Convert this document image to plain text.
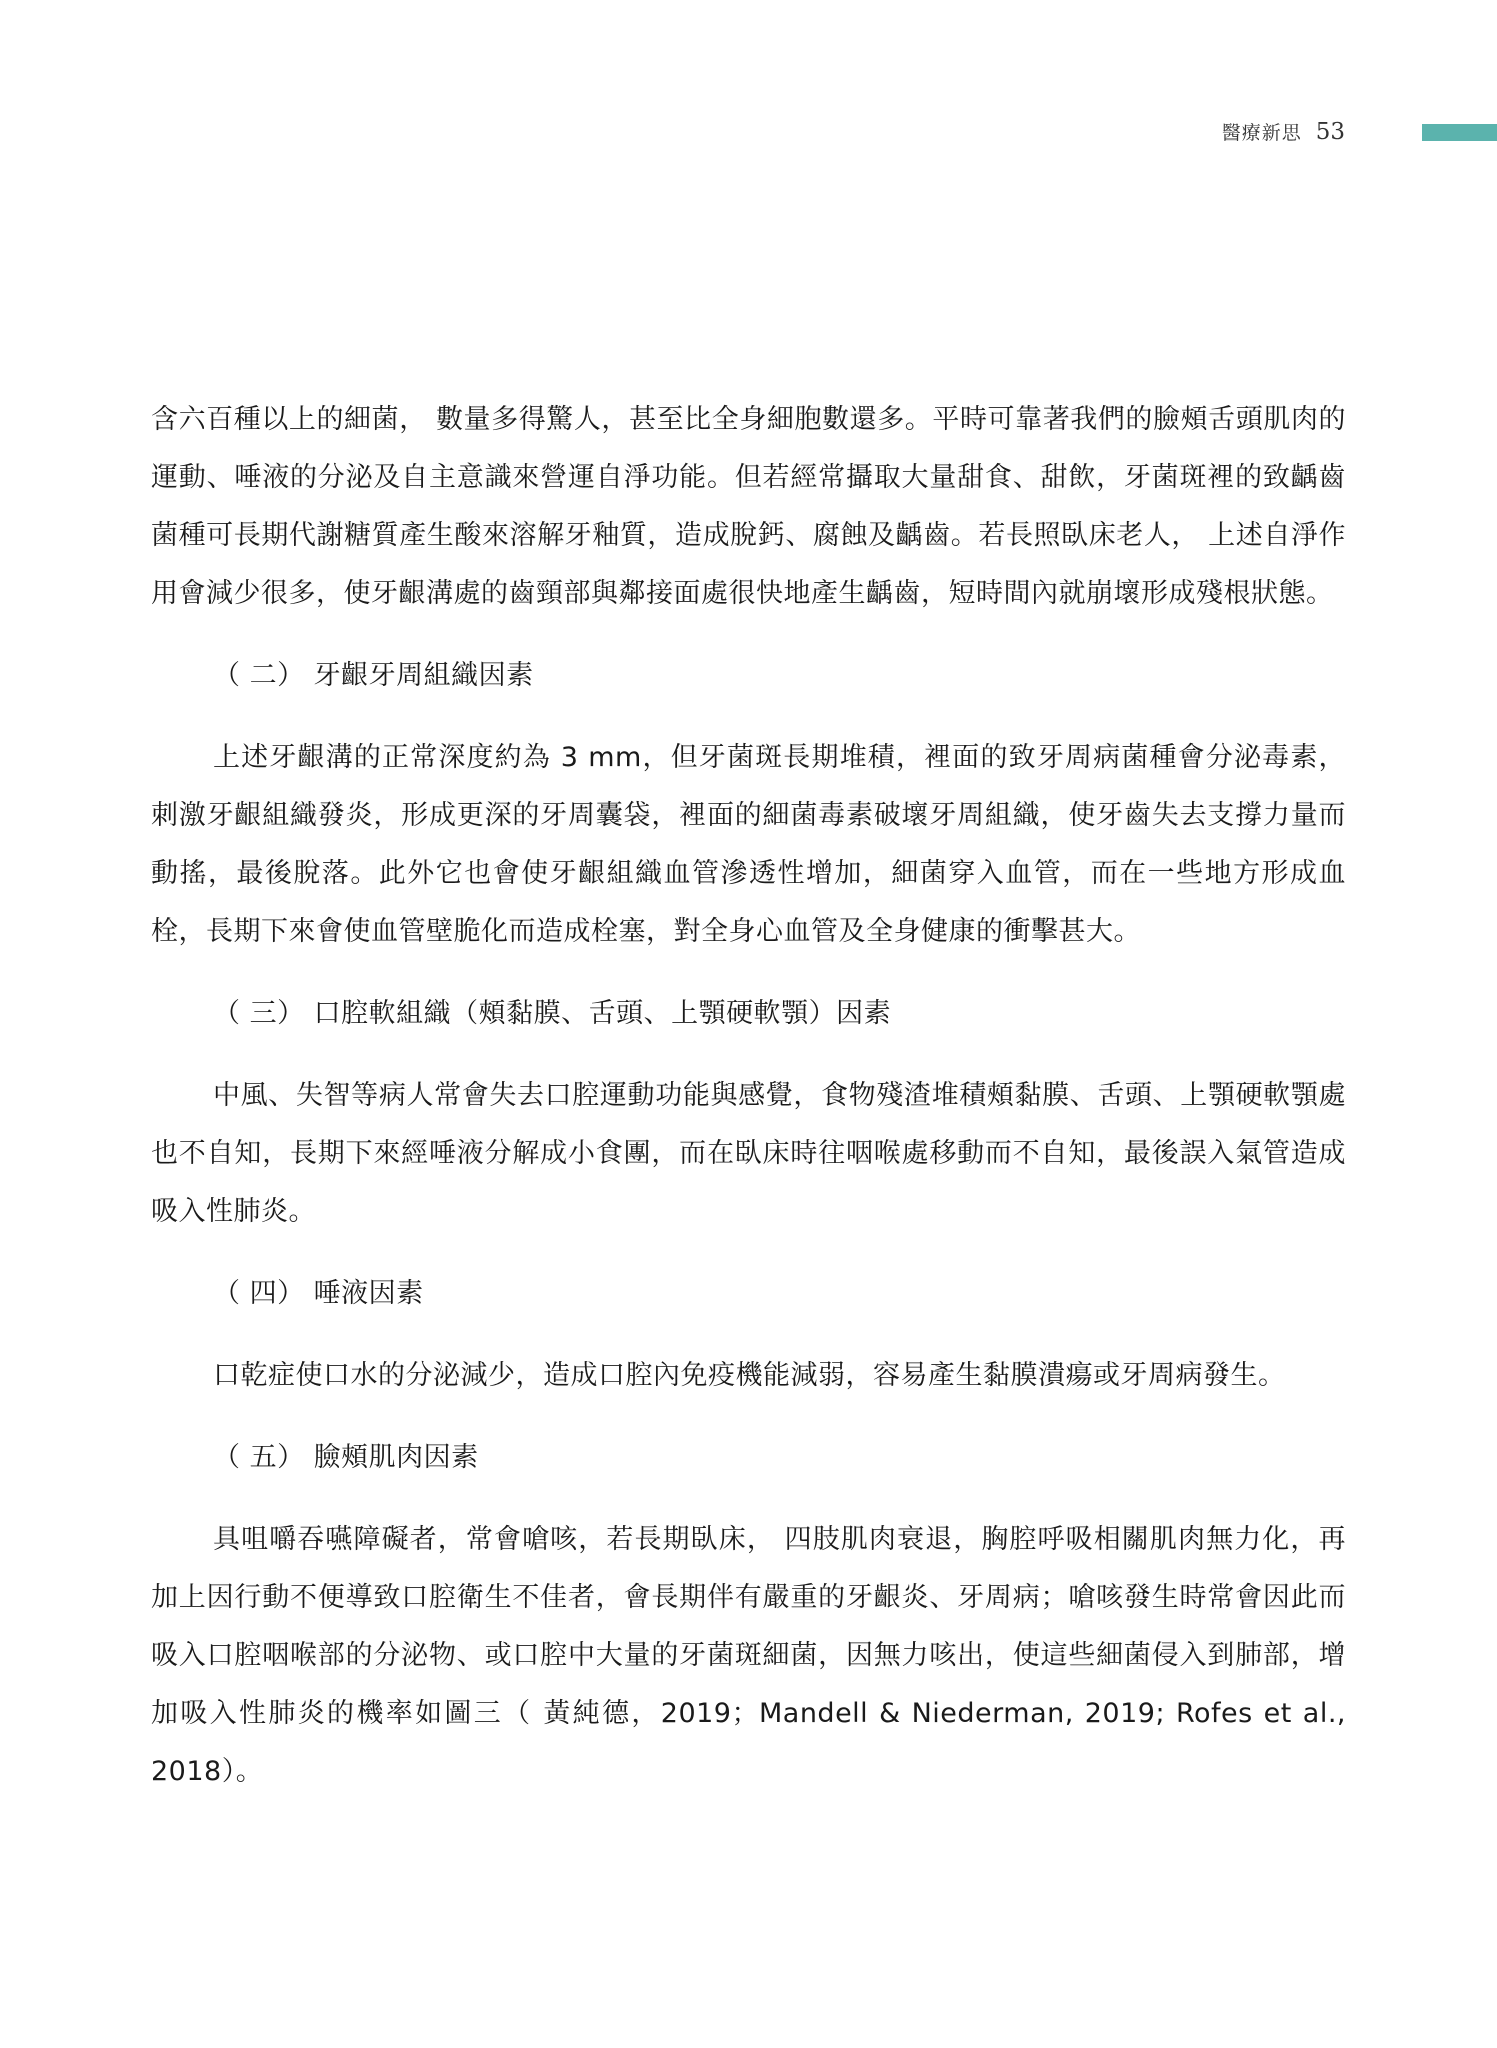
醫療新思 53

含六百種以上的細菌， 數量多得驚人，甚至比全身細胞數還多。平時可靠著我們的臉頰舌頭肌肉的運動、唾液的分泌及自主意識來營運自淨功能。但若經常攝取大量甜食、甜飲，牙菌斑裡的致齲齒菌種可長期代謝糖質產生酸來溶解牙釉質，造成脫鈣、腐蝕及齲齒。若長照臥床老人， 上述自淨作用會減少很多，使牙齦溝處的齒頸部與鄰接面處很快地產生齲齒，短時間內就崩壞形成殘根狀態。

（ 二） 牙齦牙周組織因素

上述牙齦溝的正常深度約為 3 mm，但牙菌斑長期堆積，裡面的致牙周病菌種會分泌毒素，刺激牙齦組織發炎，形成更深的牙周囊袋，裡面的細菌毒素破壞牙周組織，使牙齒失去支撐力量而動搖，最後脫落。此外它也會使牙齦組織血管滲透性增加，細菌穿入血管，而在一些地方形成血栓，長期下來會使血管壁脆化而造成栓塞，對全身心血管及全身健康的衝擊甚大。

（ 三） 口腔軟組織（頰黏膜、舌頭、上顎硬軟顎）因素

中風、失智等病人常會失去口腔運動功能與感覺，食物殘渣堆積頰黏膜、舌頭、上顎硬軟顎處也不自知，長期下來經唾液分解成小食團，而在臥床時往咽喉處移動而不自知，最後誤入氣管造成吸入性肺炎。

（ 四） 唾液因素

口乾症使口水的分泌減少，造成口腔內免疫機能減弱，容易產生黏膜潰瘍或牙周病發生。

（ 五） 臉頰肌肉因素

具咀嚼吞嚥障礙者，常會嗆咳，若長期臥床， 四肢肌肉衰退，胸腔呼吸相關肌肉無力化，再加上因行動不便導致口腔衛生不佳者，會長期伴有嚴重的牙齦炎、牙周病；嗆咳發生時常會因此而吸入口腔咽喉部的分泌物、或口腔中大量的牙菌斑細菌，因無力咳出，使這些細菌侵入到肺部，增加吸入性肺炎的機率如圖三（ 黃純德，2019；Mandell & Niederman, 2019; Rofes et al., 2018）。
